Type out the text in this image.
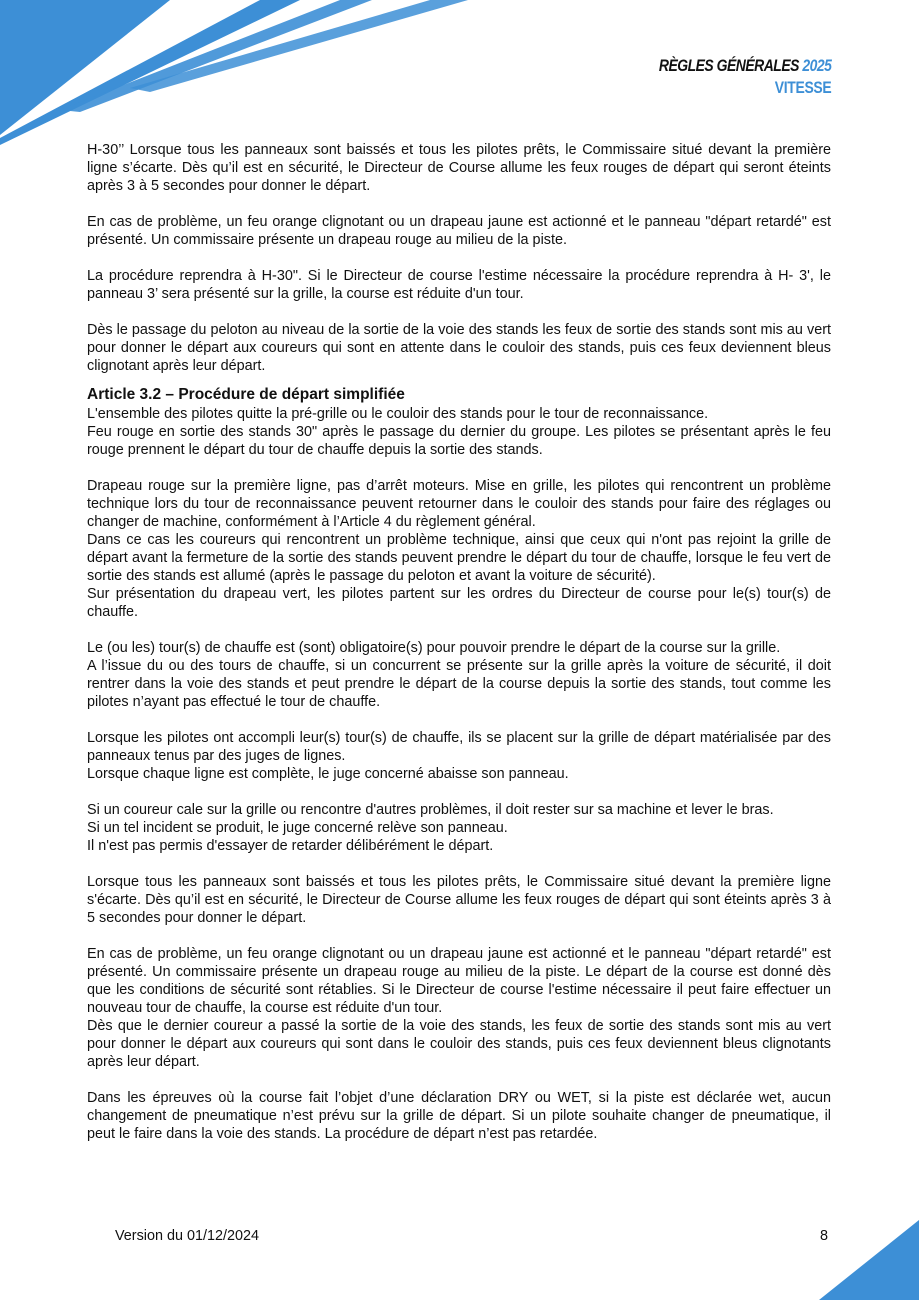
RÈGLES GÉNÉRALES 2025
VITESSE

H-30’’ Lorsque tous les panneaux sont baissés et tous les pilotes prêts, le Commissaire situé devant la première ligne s’écarte. Dès qu’il est en sécurité, le Directeur de Course allume les feux rouges de départ qui seront éteints après 3 à 5 secondes pour donner le départ.

En cas de problème, un feu orange clignotant ou un drapeau jaune est actionné et le panneau "départ retardé" est présenté. Un commissaire présente un drapeau rouge au milieu de la piste.

La procédure reprendra à H-30". Si le Directeur de course l'estime nécessaire la procédure reprendra à H- 3', le panneau 3’ sera présenté sur la grille, la course est réduite d'un tour.

Dès le passage du peloton au niveau de la sortie de la voie des stands les feux de sortie des stands sont mis au vert pour donner le départ aux coureurs qui sont en attente dans le couloir des stands, puis ces feux deviennent bleus clignotant après leur départ.

Article 3.2 – Procédure de départ simplifiée

L'ensemble des pilotes quitte la pré-grille ou le couloir des stands pour le tour de reconnaissance.
Feu rouge en sortie des stands 30" après le passage du dernier du groupe. Les pilotes se présentant après le feu rouge prennent le départ du tour de chauffe depuis la sortie des stands.

Drapeau rouge sur la première ligne, pas d’arrêt moteurs. Mise en grille, les pilotes qui rencontrent un problème technique lors du tour de reconnaissance peuvent retourner dans le couloir des stands pour faire des réglages ou changer de machine, conformément à l’Article 4 du règlement général.
Dans ce cas les coureurs qui rencontrent un problème technique, ainsi que ceux qui n'ont pas rejoint la grille de départ avant la fermeture de la sortie des stands peuvent prendre le départ du tour de chauffe, lorsque le feu vert de sortie des stands est allumé (après le passage du peloton et avant la voiture de sécurité).
Sur présentation du drapeau vert, les pilotes partent sur les ordres du Directeur de course pour le(s) tour(s) de chauffe.

Le (ou les) tour(s) de chauffe est (sont) obligatoire(s) pour pouvoir prendre le départ de la course sur la grille.
A l’issue du ou des tours de chauffe, si un concurrent se présente sur la grille après la voiture de sécurité, il doit rentrer dans la voie des stands et peut prendre le départ de la course depuis la sortie des stands, tout comme les pilotes n’ayant pas effectué le tour de chauffe.

Lorsque les pilotes ont accompli leur(s) tour(s) de chauffe, ils se placent sur la grille de départ matérialisée par des panneaux tenus par des juges de lignes.
Lorsque chaque ligne est complète, le juge concerné abaisse son panneau.

Si un coureur cale sur la grille ou rencontre d'autres problèmes, il doit rester sur sa machine et lever le bras.
Si un tel incident se produit, le juge concerné relève son panneau.
Il n'est pas permis d'essayer de retarder délibérément le départ.

Lorsque tous les panneaux sont baissés et tous les pilotes prêts, le Commissaire situé devant la première ligne s'écarte. Dès qu’il est en sécurité, le Directeur de Course allume les feux rouges de départ qui sont éteints après 3 à 5 secondes pour donner le départ.

En cas de problème, un feu orange clignotant ou un drapeau jaune est actionné et le panneau "départ retardé" est présenté. Un commissaire présente un drapeau rouge au milieu de la piste. Le départ de la course est donné dès que les conditions de sécurité sont rétablies. Si le Directeur de course l'estime nécessaire il peut faire effectuer un nouveau tour de chauffe, la course est réduite d'un tour.
Dès que le dernier coureur a passé la sortie de la voie des stands, les feux de sortie des stands sont mis au vert pour donner le départ aux coureurs qui sont dans le couloir des stands, puis ces feux deviennent bleus clignotants après leur départ.

Dans les épreuves où la course fait l’objet d’une déclaration DRY ou WET, si la piste est déclarée wet, aucun changement de pneumatique n’est prévu sur la grille de départ. Si un pilote souhaite changer de pneumatique, il peut le faire dans la voie des stands. La procédure de départ n’est pas retardée.

Version du 01/12/2024	8
